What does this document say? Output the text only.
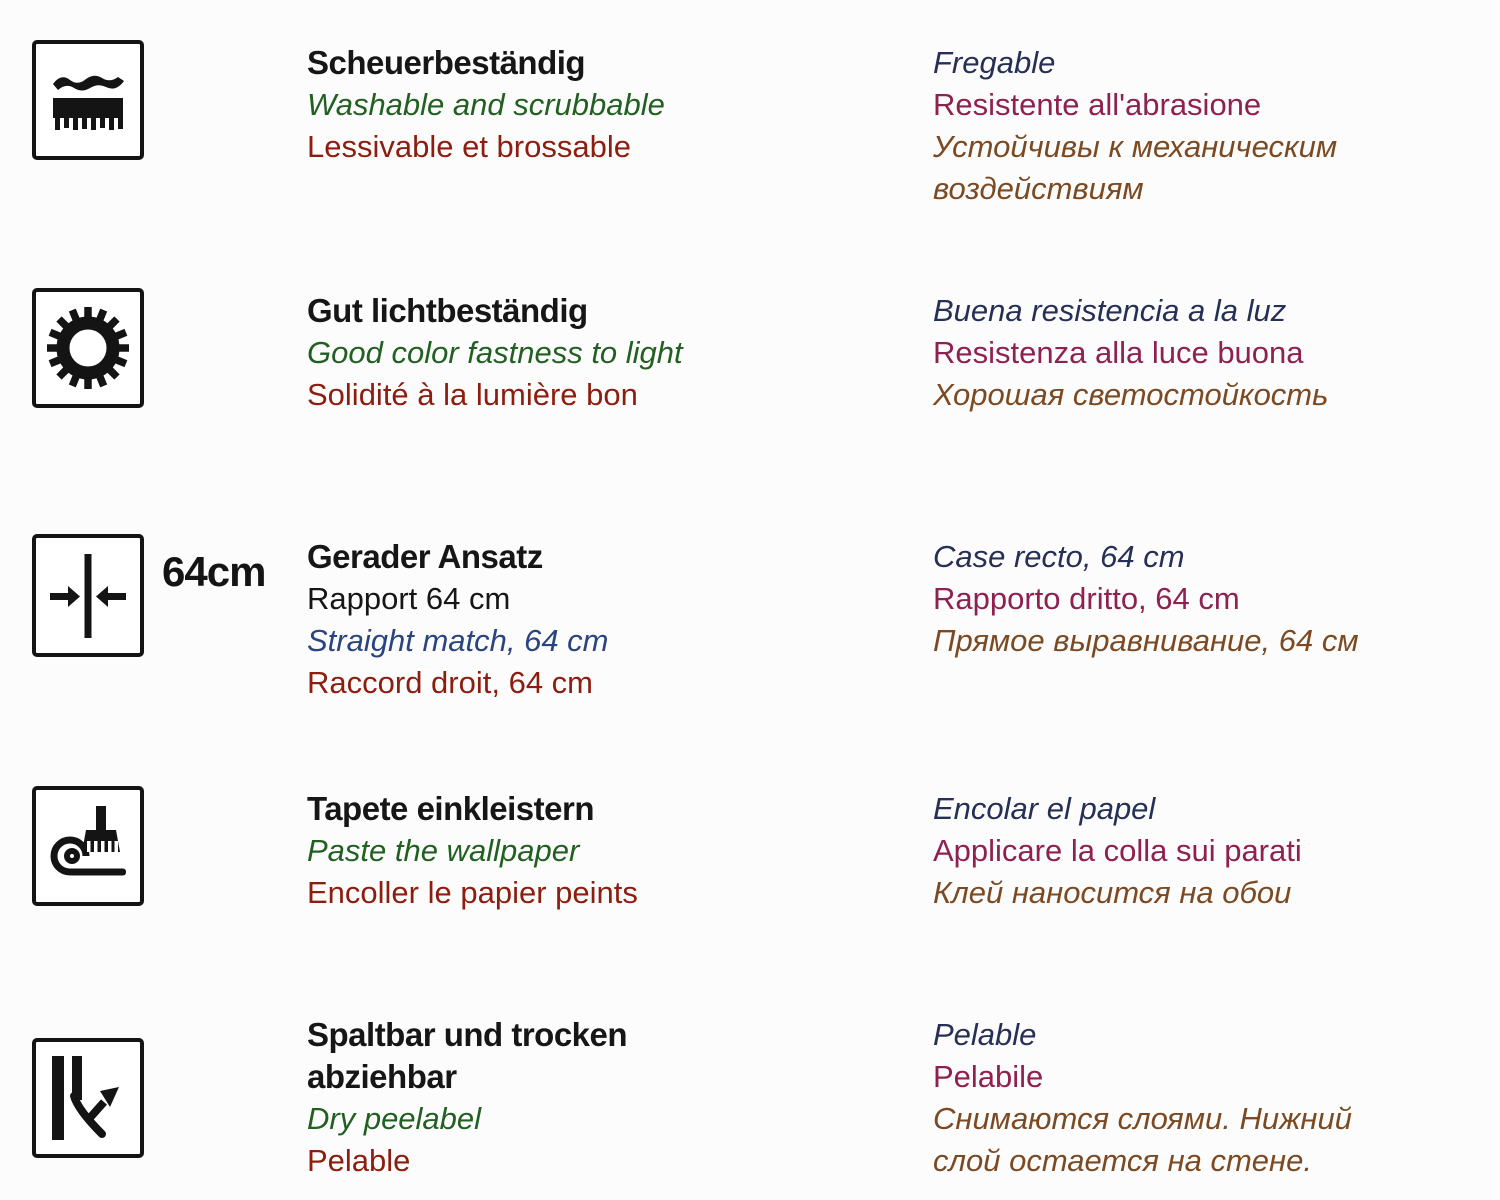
Scheuerbeständig
Washable and scrubbable
Lessivable et brossable
Fregable
Resistente all'abrasione
Устойчивы к механическим воздействиям
Gut lichtbeständig
Good color fastness to light
Solidité à la lumière bon
Buena resistencia a la luz
Resistenza alla luce buona
Хорошая светостойкость
64cm Gerader Ansatz
Rapport 64 cm
Straight match, 64 cm
Raccord droit, 64 cm
Case recto, 64 cm
Rapporto dritto, 64 cm
Прямое выравнивание, 64 см
Tapete einkleistern
Paste the wallpaper
Encoller le papier peints
Encolar el papel
Applicare la colla sui parati
Клей наносится на обои
Spaltbar und trocken abziehbar
Dry peelabel
Pelable
Pelable
Pelabile
Снимаются слоями. Нижний слой остается на стене.
